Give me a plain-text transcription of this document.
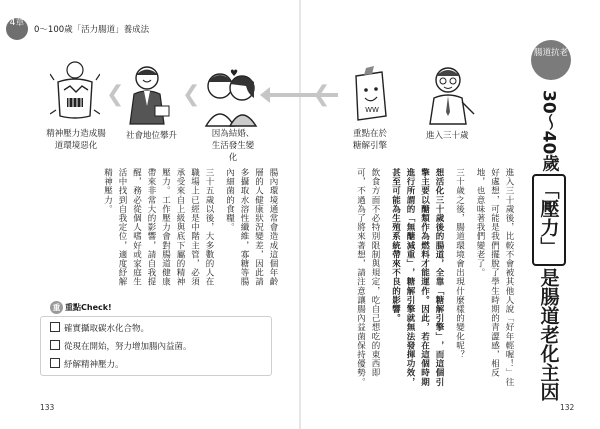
4章
0～100歲「活力腸道」養成法
進入三十歲
WW
重點在於糖解引擎
❮
♥
因為結婚、生活發生變化
❮
社會地位攀升
❮
精神壓力造成腸道環境惡化
腸道抗老
30～40歲
「壓力」
是腸道老化主因

進入三十歲後，比較不會被其他人說「好年輕喔！」往好處想，可能是我們擺脫了學生時期的青澀感，相反地，也意味著我們變老了。

三十歲之後，腸道環境會出現什麼樣的變化呢？

想活化三十歲後的腸道，全靠「糖解引擎」，而這個引擎主要以醣類作為燃料才能運作。因此，若在這個時期進行所謂的「無醣減重」，糖解引擎就無法發揮功效，甚至可能為生殖系統帶來不良的影響。

飲食方面不必特別限制與規定，吃自己想吃的東西即可，不過為了將來著想，請注意讓腸內益菌保持優勢。

腸內環境通常會造成這個年齡層的人健康狀況變差，因此請多攝取水溶性纖維，寡糖等腸內細菌的食糧。

三十五歲以後，大多數的人在職場上已經是中階主管，必須承受來自上級與底下屬的精神壓力。工作壓力會對腸道健康帶來非常大的影響，請自我提醒，務必從個人嗜好或家庭生活中找到自我定位，適度紓解精神壓力。

重 重點Check!
確實攝取碳水化合物。
從現在開始，努力增加腸內益菌。
紓解精神壓力。
133	132
